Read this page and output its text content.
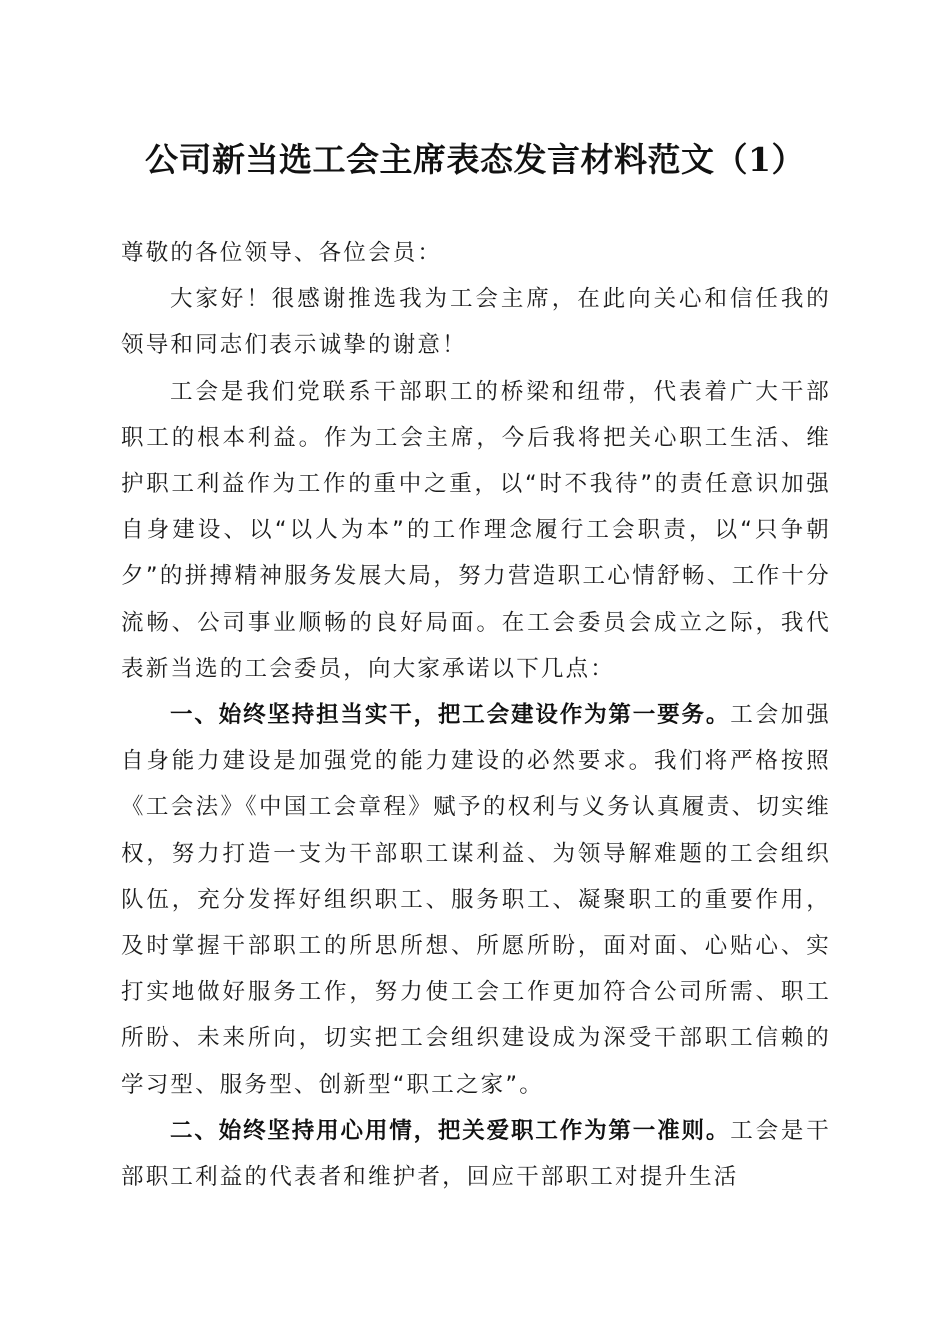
公司新当选工会主席表态发言材料范文（1）

尊敬的各位领导、各位会员：

大家好！很感谢推选我为工会主席，在此向关心和信任我的领导和同志们表示诚挚的谢意！

工会是我们党联系干部职工的桥梁和纽带，代表着广大干部职工的根本利益。作为工会主席，今后我将把关心职工生活、维护职工利益作为工作的重中之重，以“时不我待”的责任意识加强自身建设、以“以人为本”的工作理念履行工会职责，以“只争朝夕”的拼搏精神服务发展大局，努力营造职工心情舒畅、工作十分流畅、公司事业顺畅的良好局面。在工会委员会成立之际，我代表新当选的工会委员，向大家承诺以下几点：

一、始终坚持担当实干，把工会建设作为第一要务。工会加强自身能力建设是加强党的能力建设的必然要求。我们将严格按照《工会法》《中国工会章程》赋予的权利与义务认真履责、切实维权，努力打造一支为干部职工谋利益、为领导解难题的工会组织队伍，充分发挥好组织职工、服务职工、凝聚职工的重要作用，及时掌握干部职工的所思所想、所愿所盼，面对面、心贴心、实打实地做好服务工作，努力使工会工作更加符合公司所需、职工所盼、未来所向，切实把工会组织建设成为深受干部职工信赖的学习型、服务型、创新型“职工之家”。

二、始终坚持用心用情，把关爱职工作为第一准则。工会是干部职工利益的代表者和维护者，回应干部职工对提升生活
